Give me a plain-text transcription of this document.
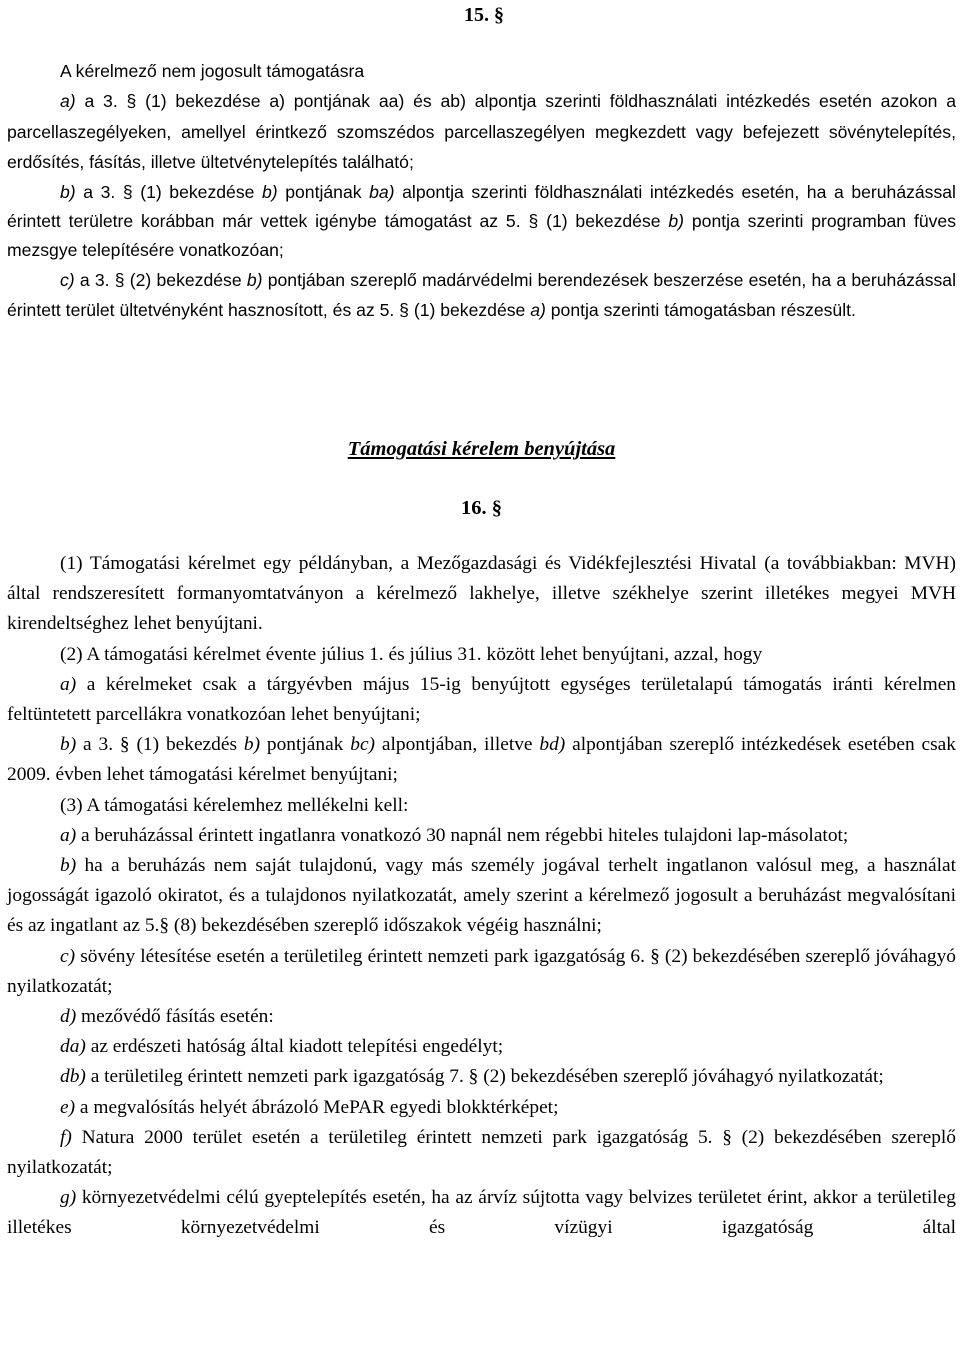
15. §

A kérelmező nem jogosult támogatásra

a) a 3. § (1) bekezdése a) pontjának aa) és ab) alpontja szerinti földhasználati intézkedés esetén azokon a parcellaszegélyeken, amellyel érintkező szomszédos parcellaszegélyen megkezdett vagy befejezett sövénytelepítés, erdősítés, fásítás, illetve ültetvénytelepítés található;

b) a 3. § (1) bekezdése b) pontjának ba) alpontja szerinti földhasználati intézkedés esetén, ha a beruházással érintett területre korábban már vettek igénybe támogatást az 5. § (1) bekezdése b) pontja szerinti programban füves mezsgye telepítésére vonatkozóan;

c) a 3. § (2) bekezdése b) pontjában szereplő madárvédelmi berendezések beszerzése esetén, ha a beruházással érintett terület ültetvényként hasznosított, és az 5. § (1) bekezdése a) pontja szerinti támogatásban részesült.

Támogatási kérelem benyújtása
16. §

(1) Támogatási kérelmet egy példányban, a Mezőgazdasági és Vidékfejlesztési Hivatal (a továbbiakban: MVH) által rendszeresített formanyomtatványon a kérelmező lakhelye, illetve székhelye szerint illetékes megyei MVH kirendeltséghez lehet benyújtani.

(2) A támogatási kérelmet évente július 1. és július 31. között lehet benyújtani, azzal, hogy

a) a kérelmeket csak a tárgyévben május 15-ig benyújtott egységes területalapú támogatás iránti kérelmen feltüntetett parcellákra vonatkozóan lehet benyújtani;

b) a 3. § (1) bekezdés b) pontjának bc) alpontjában, illetve bd) alpontjában szereplő intézkedések esetében csak 2009. évben lehet támogatási kérelmet benyújtani;

(3) A támogatási kérelemhez mellékelni kell:

a) a beruházással érintett ingatlanra vonatkozó 30 napnál nem régebbi hiteles tulajdoni lap-másolatot;

b) ha a beruházás nem saját tulajdonú, vagy más személy jogával terhelt ingatlanon valósul meg, a használat jogosságát igazoló okiratot, és a tulajdonos nyilatkozatát, amely szerint a kérelmező jogosult a beruházást megvalósítani és az ingatlant az 5.§ (8) bekezdésében szereplő időszakok végéig használni;

c) sövény létesítése esetén a területileg érintett nemzeti park igazgatóság 6. § (2) bekezdésében szereplő jóváhagyó nyilatkozatát;

d) mezővédő fásítás esetén:

da) az erdészeti hatóság által kiadott telepítési engedélyt;

db) a területileg érintett nemzeti park igazgatóság 7. § (2) bekezdésében szereplő jóváhagyó nyilatkozatát;

e) a megvalósítás helyét ábrázoló MePAR egyedi blokktérképet;

f) Natura 2000 terület esetén a területileg érintett nemzeti park igazgatóság 5. § (2) bekezdésében szereplő nyilatkozatát;

g) környezetvédelmi célú gyeptelepítés esetén, ha az árvíz sújtotta vagy belvizes területet érint, akkor a területileg illetékes környezetvédelmi és vízügyi igazgatóság által
